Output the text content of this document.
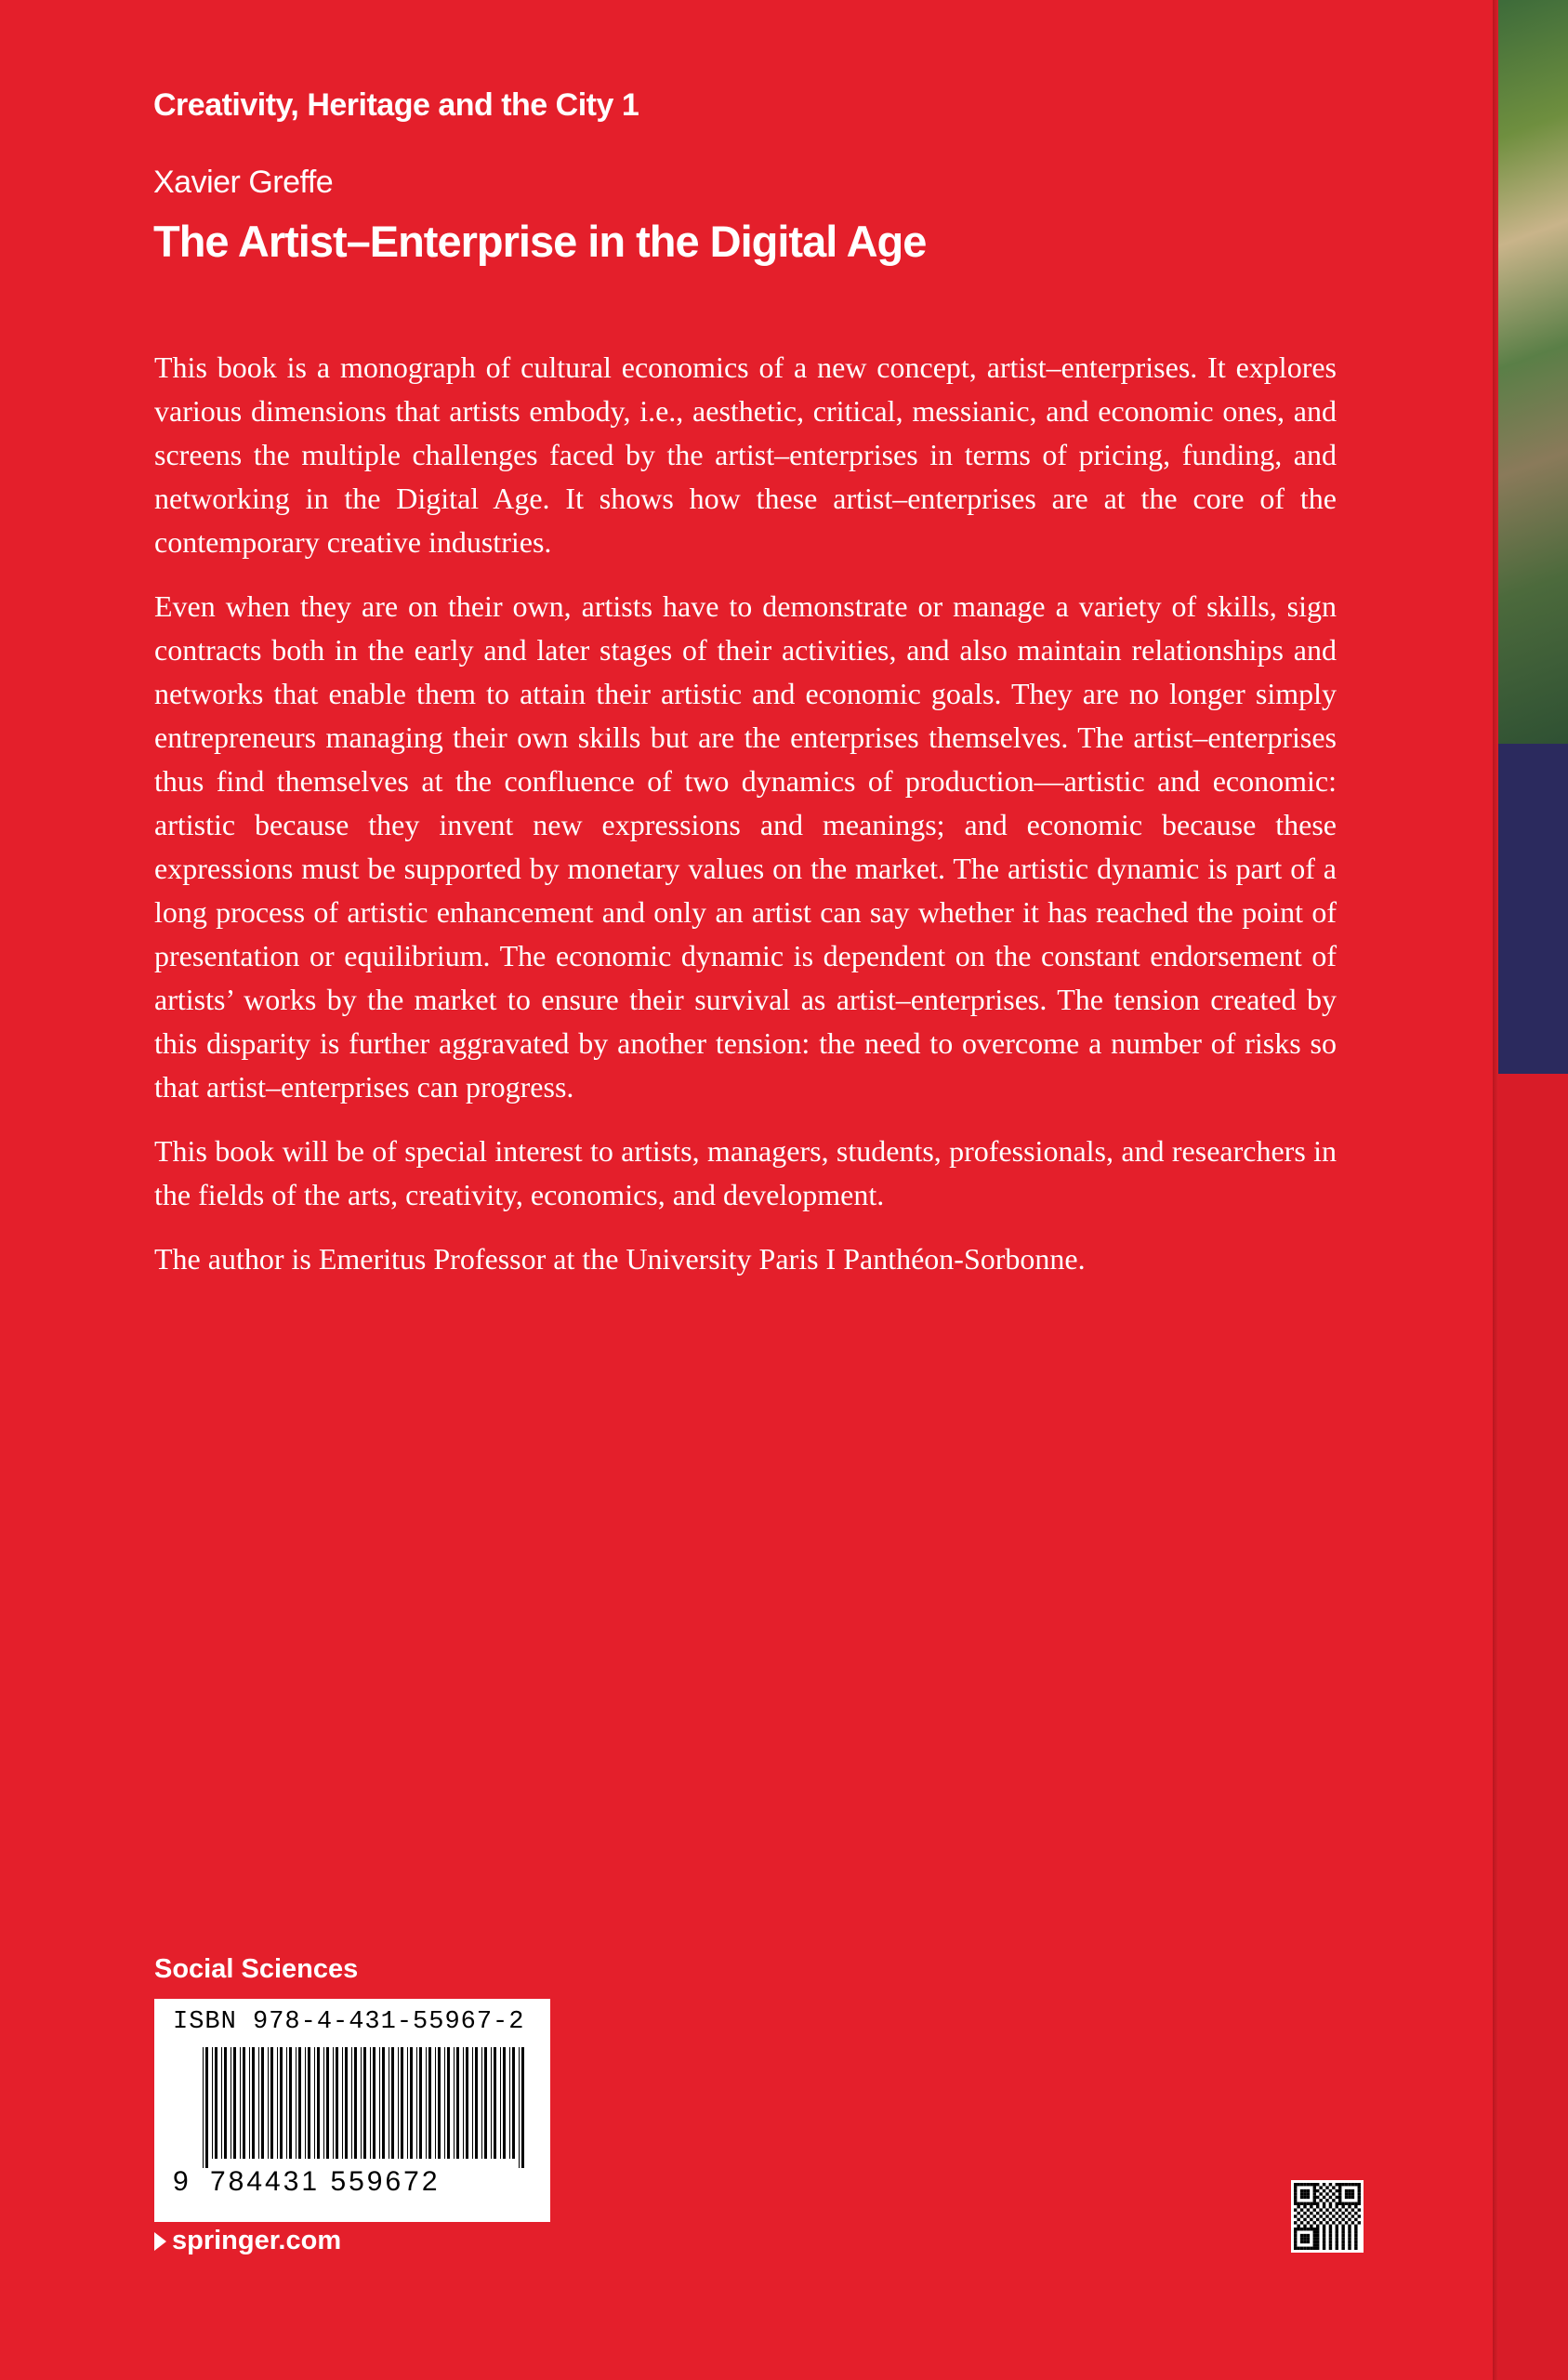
Creativity, Heritage and the City 1
Xavier Greffe
The Artist–Enterprise in the Digital Age

This book is a monograph of cultural economics of a new concept, artist–enterprises. It explores various dimensions that artists embody, i.e., aesthetic, critical, messianic, and economic ones, and screens the multiple challenges faced by the artist–enterprises in terms of pricing, funding, and networking in the Digital Age. It shows how these artist–enterprises are at the core of the contemporary creative industries.

Even when they are on their own, artists have to demonstrate or manage a variety of skills, sign contracts both in the early and later stages of their activities, and also maintain relationships and networks that enable them to attain their artistic and economic goals. They are no longer simply entrepreneurs managing their own skills but are the enterprises themselves. The artist–enterprises thus find themselves at the confluence of two dynamics of production—artistic and economic: artistic because they invent new expressions and meanings; and economic because these expressions must be supported by monetary values on the market. The artistic dynamic is part of a long process of artistic enhancement and only an artist can say whether it has reached the point of presentation or equilibrium. The economic dynamic is dependent on the constant endorsement of artists’ works by the market to ensure their survival as artist–enterprises. The tension created by this disparity is further aggravated by another tension: the need to overcome a number of risks so that artist–enterprises can progress.

This book will be of special interest to artists, managers, students, professionals, and researchers in the fields of the arts, creativity, economics, and development.

The author is Emeritus Professor at the University Paris I Panthéon-Sorbonne.

Social Sciences
ISBN 978-4-431-55967-2
9 784431 559672
springer.com
